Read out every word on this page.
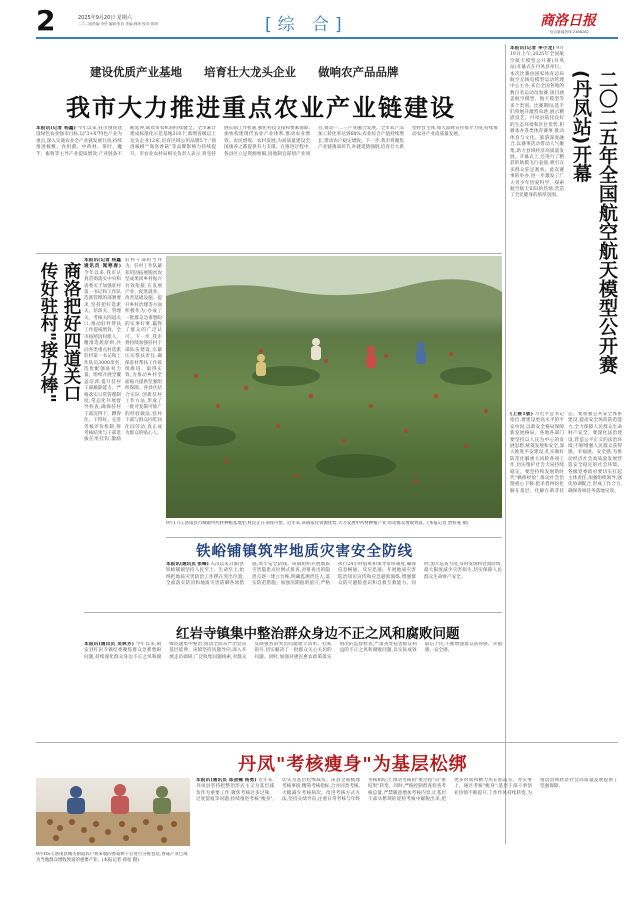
2	2025年9月20日 星期六
二○二版责编:李丹 编辑:张若 美编:韩涛 校对:郭明	[综 合]	商洛日报
综合新闻热线:2386282
建设优质产业基地 培育壮大龙头企业 做响农产品品牌
我市大力推进重点农业产业链建设
本报讯(记者 杨鑫) 今年以来,我市围绕建设绿色农业强市目标,以"3+X"特色产业为重点,深入实施农业全产业链发展行动,持续推进核桃、食用菌、中药材、茶叶、魔芋、畜牧等主导产业提质增效,产业链条不断延伸,联农带农机制持续健全。全市累计建成标准化示范基地310个,新增省级以上龙头企业12家,培育区域公用品牌5个,"商洛核桃""商洛香菇"等品牌影响力持续提升。市农业农村局相关负责人表示,将坚持链长制工作机制,强化科技支撑和要素保障,加快构建现代农业产业体系,推动农业增效、农民增收、农村发展,为高质量建设全国康养之都提供有力支撑。在推进过程中,各县区立足资源禀赋,因地制宜谋划产业项目,推动一二三产业融合发展。全市农产品加工转化率达到68%,农业综合产值持续增长,带动农户稳定增收。下一步,我市将聚焦产业链薄弱环节,补链延链强链,培育壮大新型经营主体,加大品牌宣传推介力度,持续推动农业产业高质量发展。
本报讯(记者 李小龙) 9月19日上午,2025年全国航空航天模型公开赛(丹凤站)开幕式在丹凤县举行。本次比赛由国家体育总局航空无线电模型运动管理中心主办,来自全国各地的数百名运动员参赛,项目涵盖航空模型、航天模型等多个类别。比赛期间,选手们将展开激烈角逐,展示精湛技艺。丹凤县依托良好的生态环境和区位优势,积极承办各类体育赛事,推动体育与文化、旅游深度融合,以赛事活动带动人气聚集,助力县域经济高质量发展。开幕式上,还进行了精彩的航模飞行表演,吸引众多群众驻足观看。此次赛事的举办,进一步激发了广大青少年热爱科学、探索航空航天知识的热情,营造了全民健身的浓厚氛围。	二〇二五年全国航空航天模型公开赛
(丹凤站)开幕
(上接1版) 习近平总书记指出,要建设更高水平的平安中国,以新安全格局保障新发展格局。各地各部门要坚持以人民为中心的发展思想,统筹发展和安全,深入推进平安建设,扎实做好防范化解重大风险各项工作,切实维护社会大局持续稳定。要坚持和发展新时代"枫桥经验",推动社会治理重心下移,把矛盾纠纷化解在基层、化解在萌芽状态。要加强公共安全体系建设,提高安全风险防范能力,全力保障人民群众生命财产安全。要深化法治建设,营造公平正义的法治环境,不断增强人民群众获得感、幸福感、安全感,为推动经济社会高质量发展营造安全稳定的社会环境。各级党委政府要切实扛起主体责任,加强组织领导,强化协调配合,形成工作合力,确保各项任务落地见效。
商洛把好四道关口
传好驻村"接力棒"
本报讯(记者 杨鑫 通讯员 闻寒春) 今年以来,我市认真贯彻落实中央和省委关于加强驻村第一书记和工作队选派管理的部署要求,坚持把好选派关、培训关、管理关、考核关四道关口,推动驻村帮扶工作提质增效。全市按照因村派人、精准选派原则,共向各类重点村选派驻村第一书记和工作队员3000余名,选优配强驻村力量。组织开展全覆盖培训,提升驻村干部履职能力。严格落实日常管理制度,常态化开展督导检查,确保驻村干部沉得下、蹲得住、干得好。完善考核评价机制,将考核结果与干部选拔任用挂钩,激励驻村干部担当作为。驻村工作队紧扣巩固拓展脱贫攻坚成果同乡村振兴有效衔接,在发展产业、促进就业、改善基础设施、提升乡村治理等方面积极作为,办成了一批群众急难愁盼的实事好事,赢得了群众的广泛认可。下一步,我市将持续加强驻村干部队伍建设,压紧压实帮扶责任,确保驻村帮扶工作接续推进、取得实效,为推动乡村全面振兴提供坚强组织保障。各县区结合实际,创新驻村工作方法,形成了一批可复制可推广的经验做法,驻村干部与群众同吃同住同劳动,真正成为群众的贴心人。
9月17日,洛南县古城镇中药材种植基地里,村民正在采收丹参。近年来,该镇依托资源优势,大力发展中药材种植产业,带动群众增收致富。(本报记者 贾梓豪 摄)
铁峪铺镇筑牢地质灾害安全防线
本报讯(通讯员 张峰) 入汛以来,山阳县铁峪铺镇坚持人民至上、生命至上,始终把地质灾害防治工作摆在突出位置,全面落实防汛和地质灾害防御各项措施,筑牢安全防线。该镇组织开展地质灾害隐患点拉网式排查,对排查出的隐患点逐一建立台账,明确监测责任人,落实防范措施。加强汛期值班值守,严格执行24小时值班和领导带班制度,确保信息畅通、反应迅速。开展地质灾害防治知识宣传和应急避险演练,增强群众防灾避险意识和自救互救能力。同时,加大巡查力度,及时发现和处置险情,最大限度减少灾害损失,切实保障人民群众生命财产安全。
红岩寺镇集中整治群众身边不正之风和腐败问题
本报讯(通讯员 吴林芳) 今年以来,镇安县红岩寺镇纪委聚焦群众急难愁盼问题,持续深化群众身边不正之风和腐败问题集中整治,推动全面从严治党向基层延伸。该镇坚持问题导向,深入开展走访调研,广泛收集问题线索,对群众反映强烈的突出问题建立清单、挂账销号,切实解决了一批群众关心关切的问题。同时,加强对惠民惠农政策落实情况的监督检查,严肃查处侵害群众利益的不正之风和腐败问题,以实际成效取信于民,不断增强群众获得感、幸福感、安全感。
丹凤"考核瘦身"为基层松绑
9月16日,洛南县城关街道农户将采收的香菇烘干后进行分拣包装,香菇产业已成为当地群众增收致富的重要产业。(本报记者 孙星 摄)
本报讯(通讯员 郑劲楠 杨勇) 近年来,丹凤县坚持把整治形式主义为基层减负作为重要工作,聚焦考核过多过频、过度留痕等问题,持续推进考核"瘦身",切实为基层松绑减负。该县全面梳理考核事项,精简考核指标,合并同类考核,大幅减少考核频次。改进考核方式方法,坚持实绩导向,注重日常考核与年终考核相结合,推动考核由"重过程"向"重结果"转变。同时,严格控制督查检查考核总量,严禁随意增加考核内容,让基层干部从繁琐的迎检考核中解脱出来,把更多时间和精力用在抓落实、办实事上。通过考核"瘦身",基层干部干事创业热情不断提升,工作作风持续转变,为推动县域经济社会高质量发展提供了坚强保障。
